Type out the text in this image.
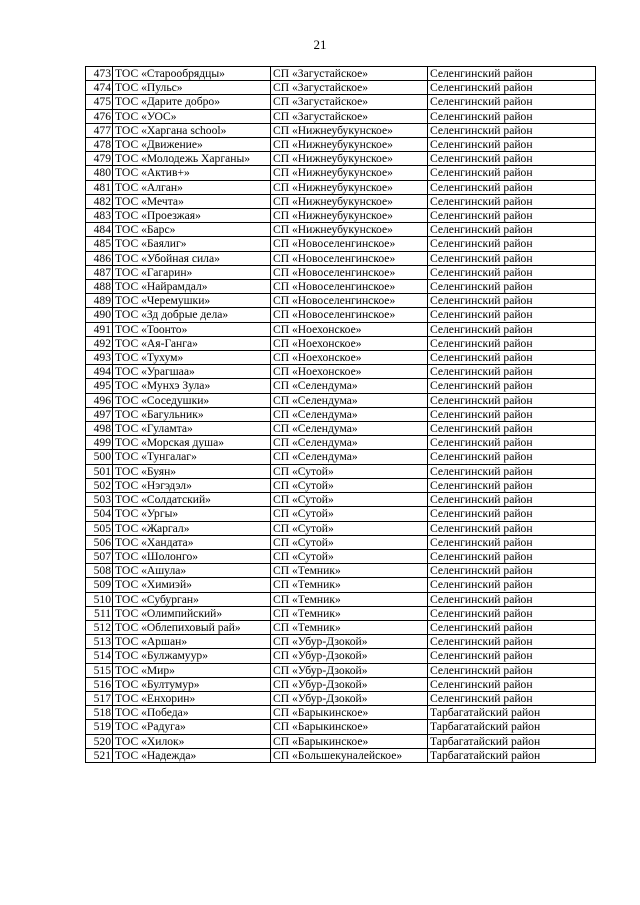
21
473	ТОС «Старообрядцы»	СП «Загустайское»	Селенгинский район
474	ТОС «Пульс»	СП «Загустайское»	Селенгинский район
475	ТОС «Дарите добро»	СП «Загустайское»	Селенгинский район
476	ТОС «УОС»	СП «Загустайское»	Селенгинский район
477	ТОС «Харгана school»	СП «Нижнеубукунское»	Селенгинский район
478	ТОС «Движение»	СП «Нижнеубукунское»	Селенгинский район
479	ТОС «Молодежь Харганы»	СП «Нижнеубукунское»	Селенгинский район
480	ТОС «Актив+»	СП «Нижнеубукунское»	Селенгинский район
481	ТОС «Алган»	СП «Нижнеубукунское»	Селенгинский район
482	ТОС «Мечта»	СП «Нижнеубукунское»	Селенгинский район
483	ТОС «Проезжая»	СП «Нижнеубукунское»	Селенгинский район
484	ТОС «Барс»	СП «Нижнеубукунское»	Селенгинский район
485	ТОС «Баялиг»	СП «Новоселенгинское»	Селенгинский район
486	ТОС «Убойная сила»	СП «Новоселенгинское»	Селенгинский район
487	ТОС «Гагарин»	СП «Новоселенгинское»	Селенгинский район
488	ТОС «Найрамдал»	СП «Новоселенгинское»	Селенгинский район
489	ТОС «Черемушки»	СП «Новоселенгинское»	Селенгинский район
490	ТОС «Зд добрые дела»	СП «Новоселенгинское»	Селенгинский район
491	ТОС «Тоонто»	СП «Ноехонское»	Селенгинский район
492	ТОС «Ая-Ганга»	СП «Ноехонское»	Селенгинский район
493	ТОС «Тухум»	СП «Ноехонское»	Селенгинский район
494	ТОС «Урагшаа»	СП «Ноехонское»	Селенгинский район
495	ТОС «Мунхэ Зула»	СП «Селендума»	Селенгинский район
496	ТОС «Соседушки»	СП «Селендума»	Селенгинский район
497	ТОС «Багульник»	СП «Селендума»	Селенгинский район
498	ТОС «Гуламта»	СП «Селендума»	Селенгинский район
499	ТОС «Морская душа»	СП «Селендума»	Селенгинский район
500	ТОС «Тунгалаг»	СП «Селендума»	Селенгинский район
501	ТОС «Буян»	СП «Сутой»	Селенгинский район
502	ТОС «Нэгэдэл»	СП «Сутой»	Селенгинский район
503	ТОС «Солдатский»	СП «Сутой»	Селенгинский район
504	ТОС «Ургы»	СП «Сутой»	Селенгинский район
505	ТОС «Жаргал»	СП «Сутой»	Селенгинский район
506	ТОС «Хандата»	СП «Сутой»	Селенгинский район
507	ТОС «Шолонго»	СП «Сутой»	Селенгинский район
508	ТОС «Ашула»	СП «Темник»	Селенгинский район
509	ТОС «Химиэй»	СП «Темник»	Селенгинский район
510	ТОС «Субурган»	СП «Темник»	Селенгинский район
511	ТОС «Олимпийский»	СП «Темник»	Селенгинский район
512	ТОС «Облепиховый рай»	СП «Темник»	Селенгинский район
513	ТОС «Аршан»	СП «Убур-Дзокой»	Селенгинский район
514	ТОС «Булжамуур»	СП «Убур-Дзокой»	Селенгинский район
515	ТОС «Мир»	СП «Убур-Дзокой»	Селенгинский район
516	ТОС «Бултумур»	СП «Убур-Дзокой»	Селенгинский район
517	ТОС «Енхорин»	СП «Убур-Дзокой»	Селенгинский район
518	ТОС «Победа»	СП «Барыкинское»	Тарбагатайский район
519	ТОС «Радуга»	СП «Барыкинское»	Тарбагатайский район
520	ТОС «Хилок»	СП «Барыкинское»	Тарбагатайский район
521	ТОС «Надежда»	СП «Большекуналейское»	Тарбагатайский район
